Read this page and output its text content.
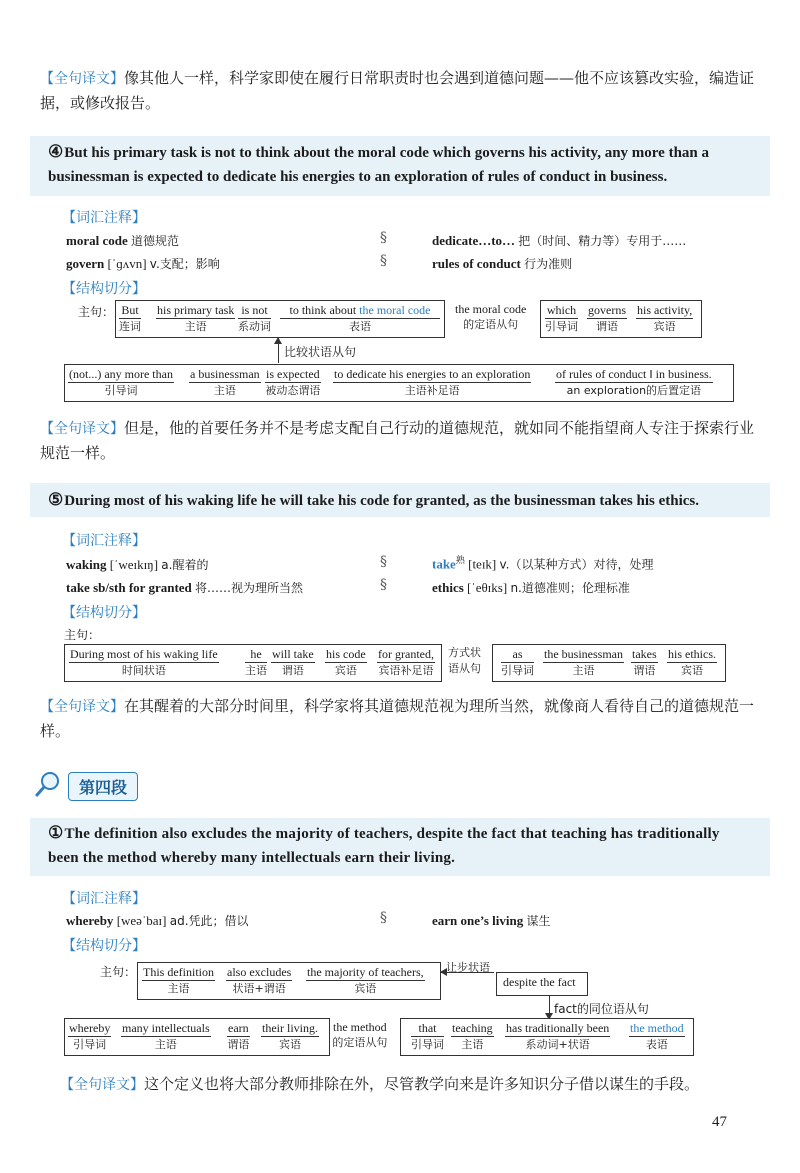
【全句译文】像其他人一样，科学家即使在履行日常职责时也会遇到道德问题——他不应该篡改实验，编造证据，或修改报告。
④But his primary task is not to think about the moral code which governs his activity, any more than a businessman is expected to dedicate his energies to an exploration of rules of conduct in business.
【词汇注释】
moral code 道德规范
govern [ˈɡʌvn] v.支配；影响
§
§
dedicate…to… 把（时间、精力等）专用于……
rules of conduct 行为准则
【结构切分】
主句： But
连词
his primary task
主语
is not
系动词
to think about the moral code
表语
the moral code
的定语从句
which
引导词
governs
谓语
his activity,
宾语
比较状语从句
(not...) any more than
引导词
a businessman
主语
is expected
被动态谓语
to dedicate his energies to an exploration
主语补足语
of rules of conduct ‖ in business.
an exploration的后置定语
【全句译文】但是，他的首要任务并不是考虑支配自己行动的道德规范，就如同不能指望商人专注于探索行业规范一样。
⑤During most of his waking life he will take his code for granted, as the businessman takes his ethics.
【词汇注释】
waking [ˈweɪkɪŋ] a.醒着的
take sb/sth for granted 将……视为理所当然
§
§
take$^熟$ [teɪk] v.（以某种方式）对待，处理
ethics [ˈeθɪks] n.道德准则；伦理标准
【结构切分】
主句：
During most of his waking life
时间状语
he
主语
will take
谓语
his code
宾语
for granted,
宾语补足语
方式状
语从句
as
引导词
the businessman
主语
takes
谓语
his ethics.
宾语
【全句译文】在其醒着的大部分时间里，科学家将其道德规范视为理所当然，就像商人看待自己的道德规范一样。
第四段
①The definition also excludes the majority of teachers, despite the fact that teaching has traditionally been the method whereby many intellectuals earn their living.
【词汇注释】
whereby [weəˈbaɪ] ad.凭此；借以	§	earn one’s living 谋生
【结构切分】
主句： This definition
主语
also excludes
状语+谓语
the majority of teachers,
宾语
让步状语
despite the fact
fact的同位语从句
whereby
引导词
many intellectuals
主语
earn
谓语
their living.
宾语
the method
的定语从句
that
引导词
teaching
主语
has traditionally been
系动词+状语
the method
表语
【全句译文】这个定义也将大部分教师排除在外，尽管教学向来是许多知识分子借以谋生的手段。
47
